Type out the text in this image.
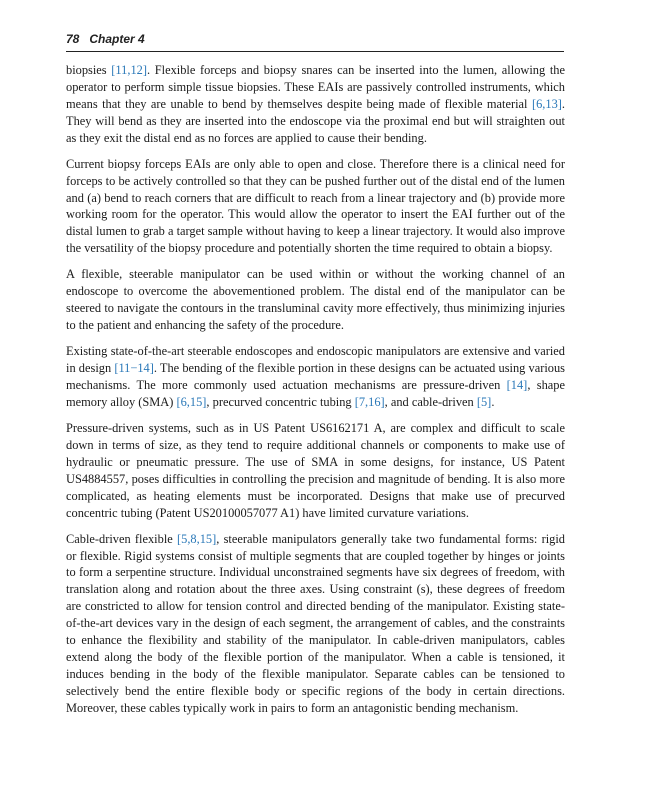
78 Chapter 4

biopsies [11,12]. Flexible forceps and biopsy snares can be inserted into the lumen, allowing the operator to perform simple tissue biopsies. These EAIs are passively controlled instruments, which means that they are unable to bend by themselves despite being made of flexible material [6,13]. They will bend as they are inserted into the endoscope via the proximal end but will straighten out as they exit the distal end as no forces are applied to cause their bending.

Current biopsy forceps EAIs are only able to open and close. Therefore there is a clinical need for forceps to be actively controlled so that they can be pushed further out of the distal end of the lumen and (a) bend to reach corners that are difficult to reach from a linear trajectory and (b) provide more working room for the operator. This would allow the operator to insert the EAI further out of the distal lumen to grab a target sample without having to keep a linear trajectory. It would also improve the versatility of the biopsy procedure and potentially shorten the time required to obtain a biopsy.

A flexible, steerable manipulator can be used within or without the working channel of an endoscope to overcome the abovementioned problem. The distal end of the manipulator can be steered to navigate the contours in the transluminal cavity more effectively, thus minimizing injuries to the patient and enhancing the safety of the procedure.

Existing state-of-the-art steerable endoscopes and endoscopic manipulators are extensive and varied in design [11−14]. The bending of the flexible portion in these designs can be actuated using various mechanisms. The more commonly used actuation mechanisms are pressure-driven [14], shape memory alloy (SMA) [6,15], precurved concentric tubing [7,16], and cable-driven [5].

Pressure-driven systems, such as in US Patent US6162171 A, are complex and difficult to scale down in terms of size, as they tend to require additional channels or components to make use of hydraulic or pneumatic pressure. The use of SMA in some designs, for instance, US Patent US4884557, poses difficulties in controlling the precision and magnitude of bending. It is also more complicated, as heating elements must be incorporated. Designs that make use of precurved concentric tubing (Patent US20100057077 A1) have limited curvature variations.

Cable-driven flexible [5,8,15], steerable manipulators generally take two fundamental forms: rigid or flexible. Rigid systems consist of multiple segments that are coupled together by hinges or joints to form a serpentine structure. Individual unconstrained segments have six degrees of freedom, with translation along and rotation about the three axes. Using constraint (s), these degrees of freedom are constricted to allow for tension control and directed bending of the manipulator. Existing state-of-the-art devices vary in the design of each segment, the arrangement of cables, and the constraints to enhance the flexibility and stability of the manipulator. In cable-driven manipulators, cables extend along the body of the flexible portion of the manipulator. When a cable is tensioned, it induces bending in the body of the flexible manipulator. Separate cables can be tensioned to selectively bend the entire flexible body or specific regions of the body in certain directions. Moreover, these cables typically work in pairs to form an antagonistic bending mechanism.
